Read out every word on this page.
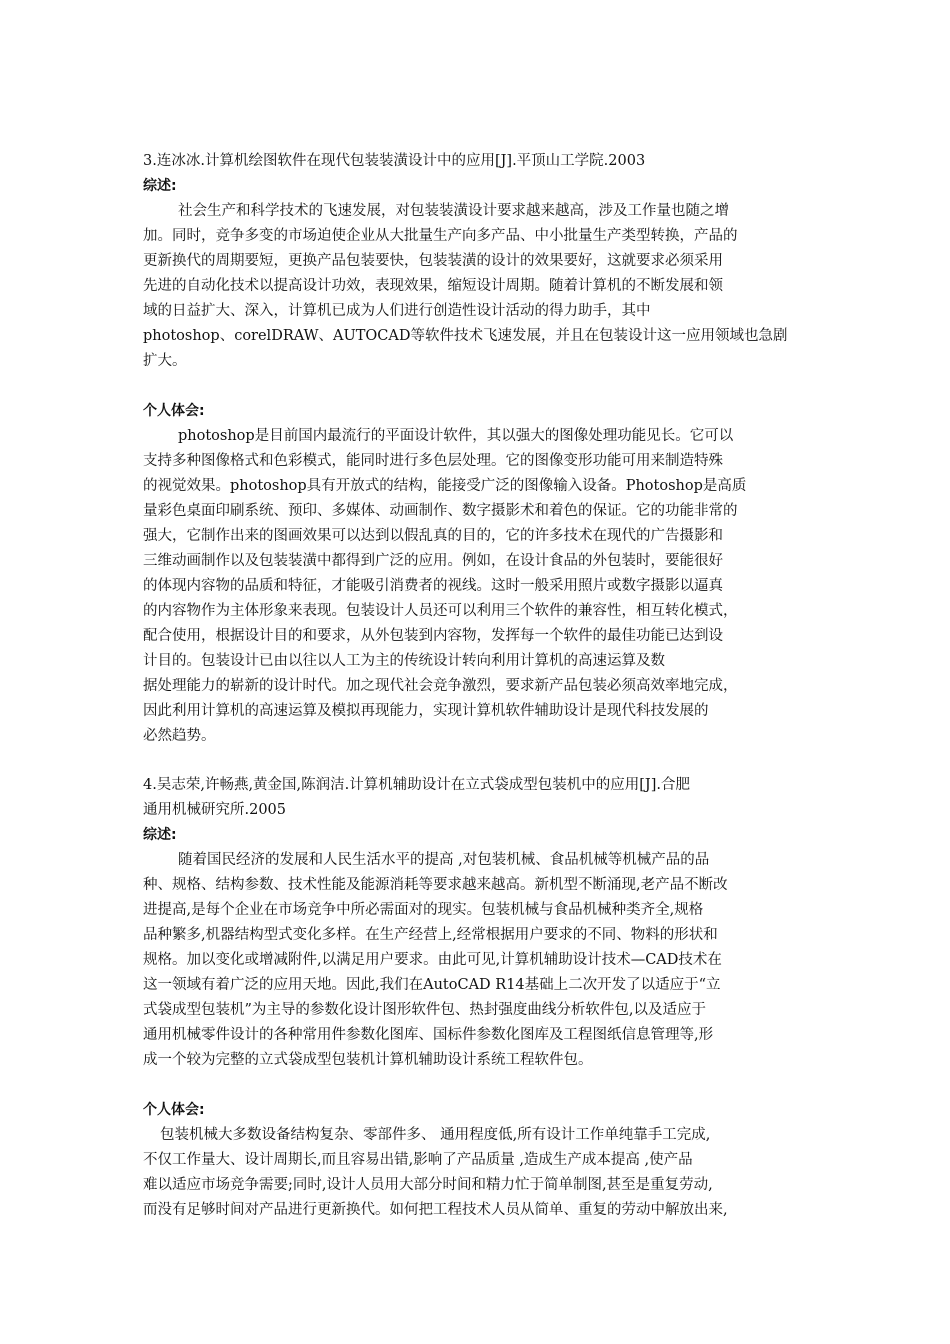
3.连冰冰.计算机绘图软件在现代包装装潢设计中的应用[J].平顶山工学院.2003
综述:
社会生产和科学技术的飞速发展，对包装装潢设计要求越来越高，涉及工作量也随之增
加。同时，竞争多变的市场迫使企业从大批量生产向多产品、中小批量生产类型转换，产品的
更新换代的周期要短，更换产品包装要快，包装装潢的设计的效果要好，这就要求必须采用
先进的自动化技术以提高设计功效，表现效果，缩短设计周期。随着计算机的不断发展和领
域的日益扩大、深入，计算机已成为人们进行创造性设计活动的得力助手，其中
photoshop、corelDRAW、AUTOCAD等软件技术飞速发展，并且在包装设计这一应用领域也急剧
扩大。
个人体会:
photoshop是目前国内最流行的平面设计软件，其以强大的图像处理功能见长。它可以
支持多种图像格式和色彩模式，能同时进行多色层处理。它的图像变形功能可用来制造特殊
的视觉效果。photoshop具有开放式的结构，能接受广泛的图像输入设备。Photoshop是高质
量彩色桌面印刷系统、预印、多媒体、动画制作、数字摄影术和着色的保证。它的功能非常的
强大，它制作出来的图画效果可以达到以假乱真的目的，它的许多技术在现代的广告摄影和
三维动画制作以及包装装潢中都得到广泛的应用。例如，在设计食品的外包装时，要能很好
的体现内容物的品质和特征，才能吸引消费者的视线。这时一般采用照片或数字摄影以逼真
的内容物作为主体形象来表现。包装设计人员还可以利用三个软件的兼容性，相互转化模式，
配合使用，根据设计目的和要求，从外包装到内容物，发挥每一个软件的最佳功能已达到设
计目的。包装设计已由以往以人工为主的传统设计转向利用计算机的高速运算及数
据处理能力的崭新的设计时代。加之现代社会竞争激烈，要求新产品包装必须高效率地完成，
因此利用计算机的高速运算及模拟再现能力，实现计算机软件辅助设计是现代科技发展的
必然趋势。
4.吴志荣,许畅燕,黄金国,陈润洁.计算机辅助设计在立式袋成型包装机中的应用[J].合肥
通用机械研究所.2005
综述:
随着国民经济的发展和人民生活水平的提高 ,对包装机械、食品机械等机械产品的品
种、规格、结构参数、技术性能及能源消耗等要求越来越高。新机型不断涌现,老产品不断改
进提高,是每个企业在市场竞争中所必需面对的现实。包装机械与食品机械种类齐全,规格
品种繁多,机器结构型式变化多样。在生产经营上,经常根据用户要求的不同、物料的形状和
规格。加以变化或增减附件,以满足用户要求。由此可见,计算机辅助设计技术—CAD技术在
这一领域有着广泛的应用天地。因此,我们在AutoCAD R14基础上二次开发了以适应于“立
式袋成型包装机”为主导的参数化设计图形软件包、热封强度曲线分析软件包,以及适应于
通用机械零件设计的各种常用件参数化图库、国标件参数化图库及工程图纸信息管理等,形
成一个较为完整的立式袋成型包装机计算机辅助设计系统工程软件包。
个人体会:
包装机械大多数设备结构复杂、零部件多、 通用程度低,所有设计工作单纯靠手工完成,
不仅工作量大、设计周期长,而且容易出错,影响了产品质量 ,造成生产成本提高 ,使产品
难以适应市场竞争需要;同时,设计人员用大部分时间和精力忙于简单制图,甚至是重复劳动,
而没有足够时间对产品进行更新换代。如何把工程技术人员从简单、重复的劳动中解放出来,
